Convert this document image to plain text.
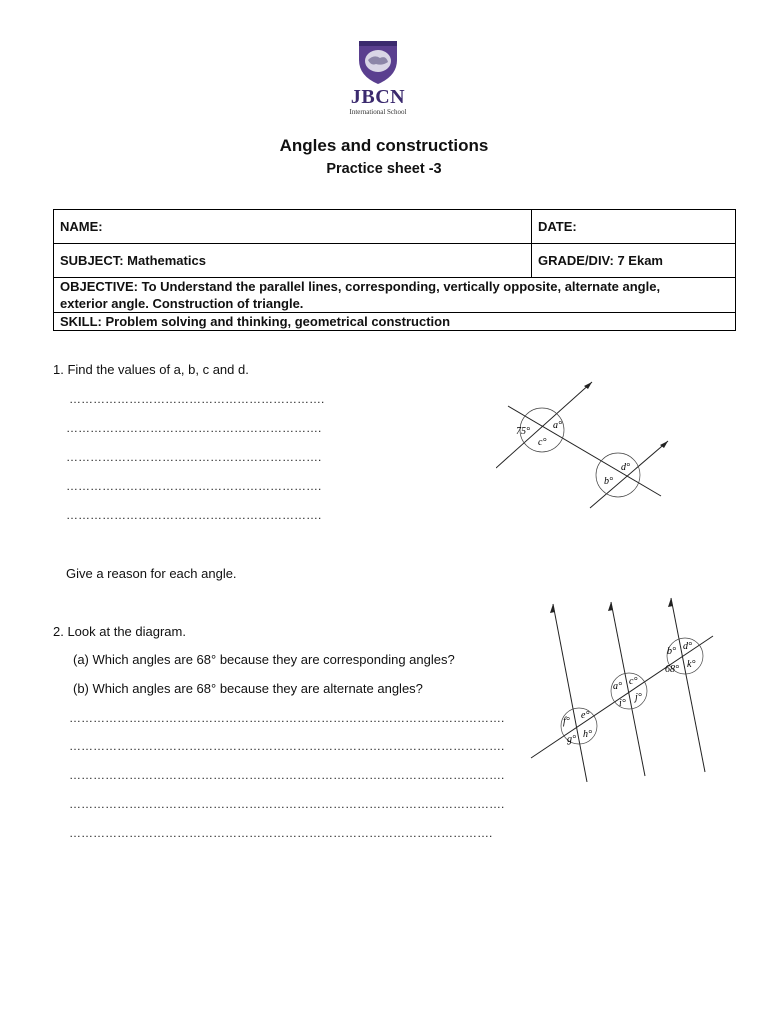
JBCN
International School
Angles and constructions
Practice sheet -3
NAME:	DATE:
SUBJECT: Mathematics	GRADE/DIV: 7 Ekam

OBJECTIVE: To Understand the parallel lines, corresponding, vertically opposite, alternate angle,
exterior angle. Construction of triangle.	

SKILL: Problem solving and thinking, geometrical construction	
1. Find the values of a, b, c and d.
……………………………………………………….
……………………………………………………….
……………………………………………………….
……………………………………………………….
……………………………………………………….
Give a reason for each angle.
75°
a°
c°
d°
b°
2. Look at the diagram.
(a) Which angles are 68° because they are corresponding angles?
(b) Which angles are 68° because they are alternate angles?
……………………………………………………………………………………………….
……………………………………………………………………………………………….
……………………………………………………………………………………………….
……………………………………………………………………………………………….
…………………………………………………………………………………………….
f°
e°
g° h°
a° c°
i°
j°
b° d°
68° k°
